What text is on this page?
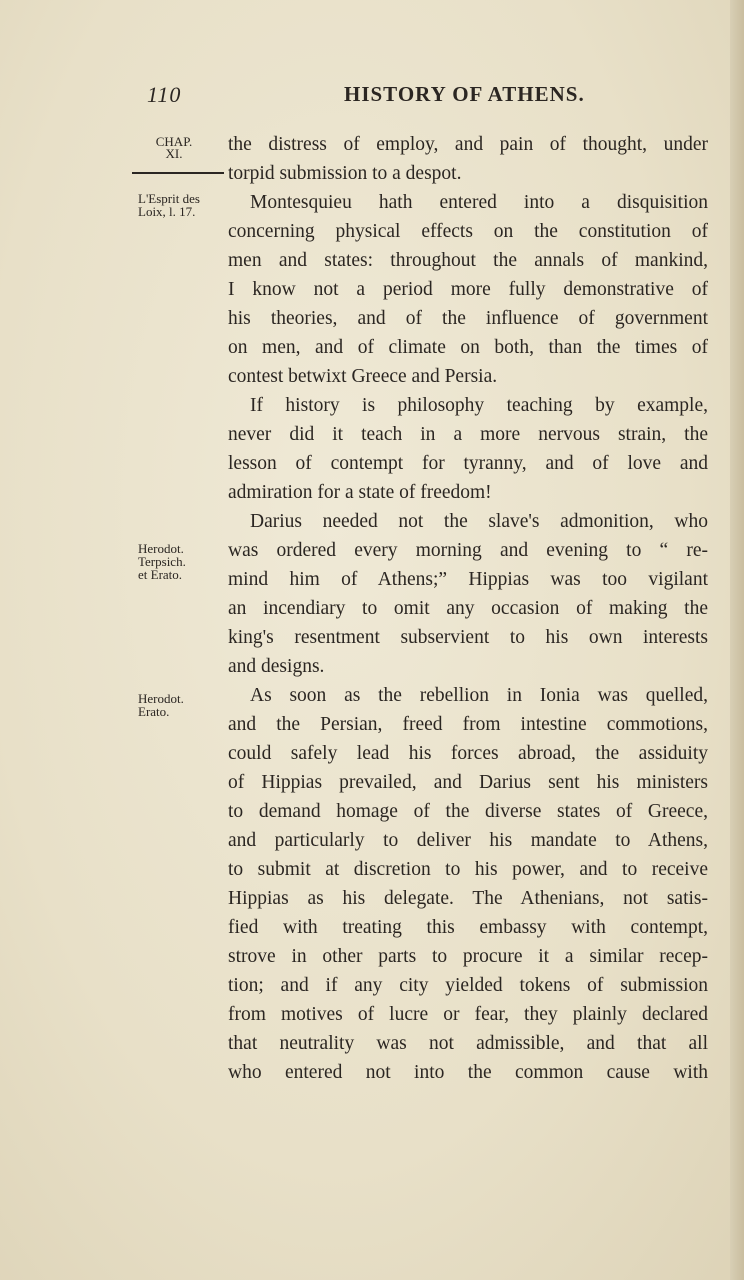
110	HISTORY OF ATHENS.
CHAP.
XI.
L'Esprit des
Loix, l. 17.
Herodot.
Terpsich.
et Erato.
Herodot.
Erato.
the distress of employ, and pain of thought, under
torpid submission to a despot.
Montesquieu hath entered into a disquisition
concerning physical effects on the constitution of
men and states: throughout the annals of mankind,
I know not a period more fully demonstrative of
his theories, and of the influence of government
on men, and of climate on both, than the times of
contest betwixt Greece and Persia.
If history is philosophy teaching by example,
never did it teach in a more nervous strain, the
lesson of contempt for tyranny, and of love and
admiration for a state of freedom!
Darius needed not the slave's admonition, who
was ordered every morning and evening to “ re-
mind him of Athens;” Hippias was too vigilant
an incendiary to omit any occasion of making the
king's resentment subservient to his own interests
and designs.
As soon as the rebellion in Ionia was quelled,
and the Persian, freed from intestine commotions,
could safely lead his forces abroad, the assiduity
of Hippias prevailed, and Darius sent his ministers
to demand homage of the diverse states of Greece,
and particularly to deliver his mandate to Athens,
to submit at discretion to his power, and to receive
Hippias as his delegate. The Athenians, not satis-
fied with treating this embassy with contempt,
strove in other parts to procure it a similar recep-
tion; and if any city yielded tokens of submission
from motives of lucre or fear, they plainly declared
that neutrality was not admissible, and that all
who entered not into the common cause with
